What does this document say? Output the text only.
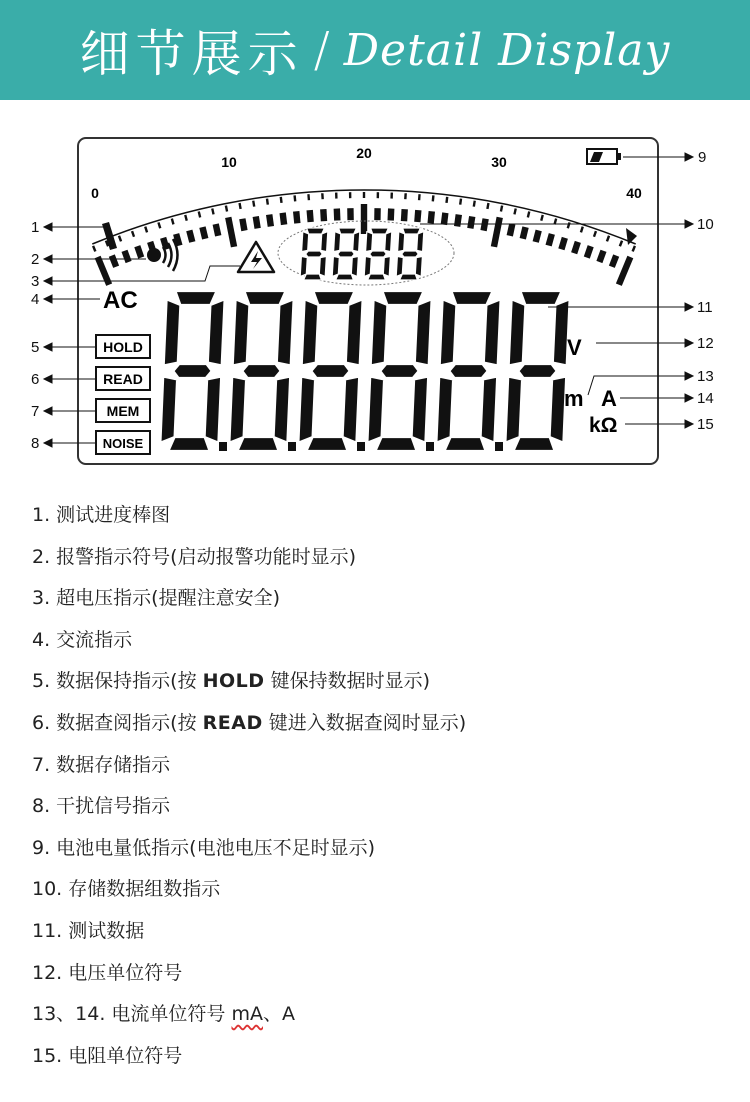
细节展示 / Detail Display
0
10
20
30
40
AC
HOLD
READ
MEM
NOISE
V
m A
kΩ
1
2
3
4
5
6
7
8
9
10
11
12
13
14
15
1. 测试进度棒图
2. 报警指示符号(启动报警功能时显示)
3. 超电压指示(提醒注意安全)
4. 交流指示
5. 数据保持指示(按 HOLD 键保持数据时显示)
6. 数据查阅指示(按 READ 键进入数据查阅时显示)
7. 数据存储指示
8. 干扰信号指示
9. 电池电量低指示(电池电压不足时显示)
10. 存储数据组数指示
11. 测试数据
12. 电压单位符号
13、14. 电流单位符号 mA、A
15. 电阻单位符号
